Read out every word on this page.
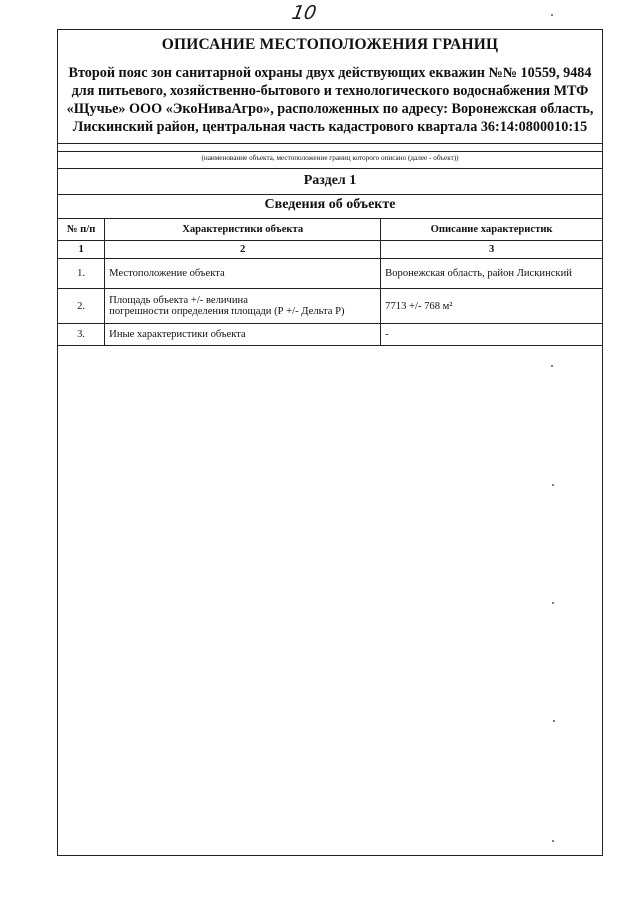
10
ОПИСАНИЕ МЕСТОПОЛОЖЕНИЯ ГРАНИЦ
Второй пояс зон санитарной охраны двух действующих екважин №№ 10559, 9484 для питьевого, хозяйственно-бытового и технологического водоснабжения МТФ «Щучье» ООО «ЭкоНиваАгро», расположенных по адресу: Воронежская область, Лискинский район, центральная часть кадастрового квартала 36:14:0800010:15
(наименование объекта, местоположение границ которого описано (далее - объект))
Раздел 1
Сведения об объекте
№ п/п	Характеристики объекта	Описание характеристик
1	2	3
1.	Местоположение объекта	Воронежская область, район Лискинский
2.	Площадь объекта +/- величина
погрешности определения площади (Р +/- Дельта Р)	7713 +/- 768 м²
3.	Иные характеристики объекта	-
